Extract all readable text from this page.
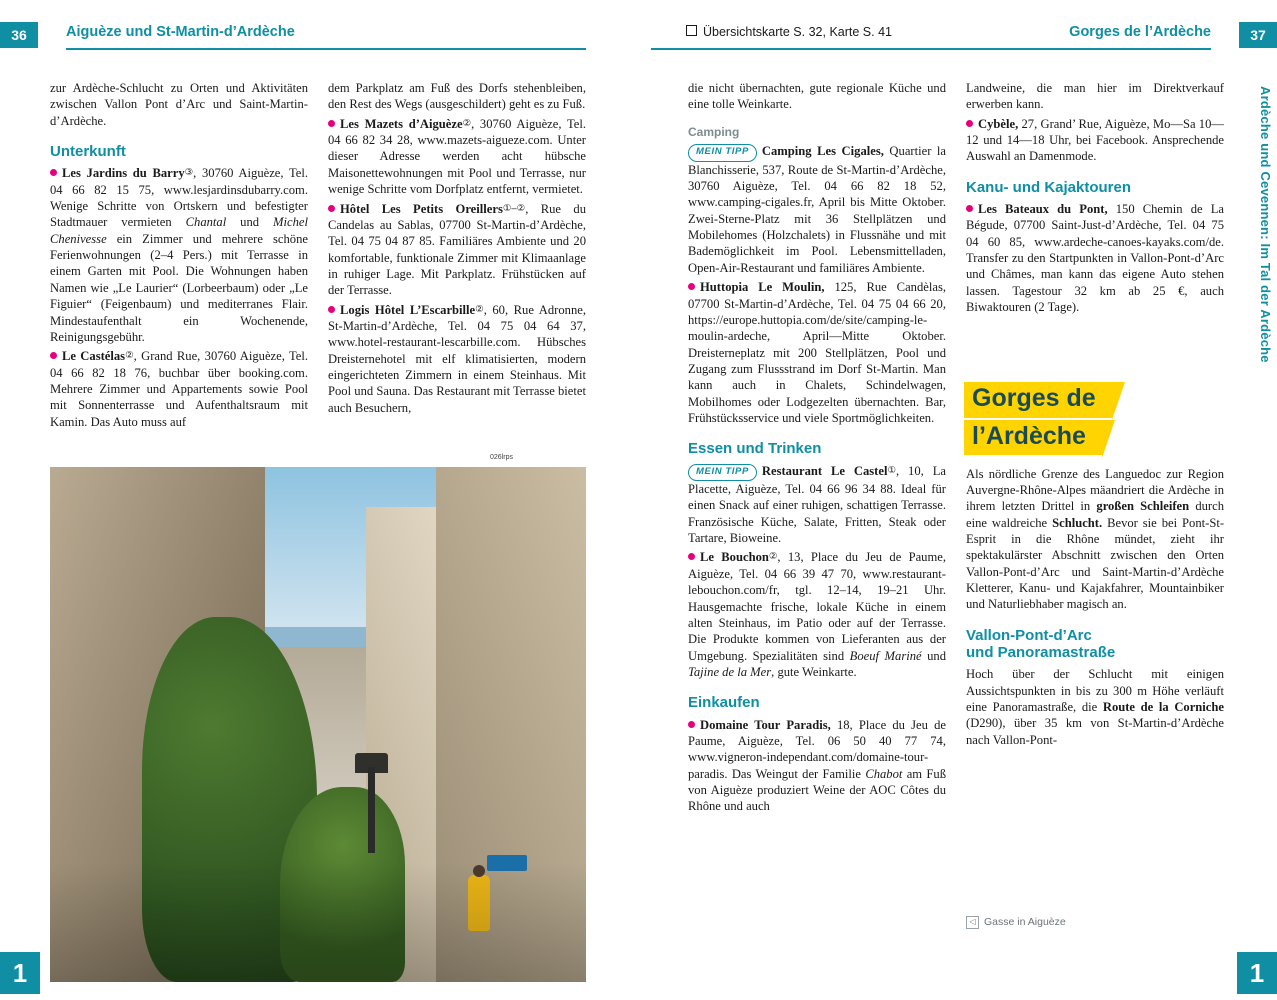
36	37
Aiguèze und St-Martin-d’Ardèche	Übersichtskarte S. 32, Karte S. 41	Gorges de l’Ardèche
Ardèche und Cevennen: Im Tal der Ardèche

zur Ardèche-Schlucht zu Orten und Aktivitäten zwischen Vallon Pont d’Arc und Saint-Martin-d’Ardèche.

Unterkunft

Les Jardins du Barry③, 30760 Aiguèze, Tel. 04 66 82 15 75, www.lesjardinsdubarry.com. Wenige Schritte von Ortskern und befestigter Stadtmauer vermieten Chantal und Michel Chenivesse ein Zimmer und mehrere schöne Ferienwohnungen (2–4 Pers.) mit Terrasse in einem Garten mit Pool. Die Wohnungen haben Namen wie „Le Laurier“ (Lorbeerbaum) oder „Le Figuier“ (Feigenbaum) und mediterranes Flair. Mindestaufenthalt ein Wochenende, Reinigungsgebühr.

Le Castélas②, Grand Rue, 30760 Aiguèze, Tel. 04 66 82 18 76, buchbar über booking.com. Mehrere Zimmer und Appartements sowie Pool mit Sonnenterrasse und Aufenthaltsraum mit Kamin. Das Auto muss auf

dem Parkplatz am Fuß des Dorfs stehenbleiben, den Rest des Wegs (ausgeschildert) geht es zu Fuß.

Les Mazets d’Aiguèze②, 30760 Aiguèze, Tel. 04 66 82 34 28, www.mazets-aigueze.com. Unter dieser Adresse werden acht hübsche Maisonettewohnungen mit Pool und Terrasse, nur wenige Schritte vom Dorfplatz entfernt, vermietet.

Hôtel Les Petits Oreillers①–②, Rue du Candelas au Sablas, 07700 St-Martin-d’Ardèche, Tel. 04 75 04 87 85. Familiäres Ambiente und 20 komfortable, funktionale Zimmer mit Klimaanlage in ruhiger Lage. Mit Parkplatz. Frühstücken auf der Terrasse.

Logis Hôtel L’Escarbille②, 60, Rue Adronne, St-Martin-d’Ardèche, Tel. 04 75 04 64 37, www.hotel-restaurant-lescarbille.com. Hübsches Dreisternehotel mit elf klimatisierten, modern eingerichteten Zimmern in einem Steinhaus. Mit Pool und Sauna. Das Restaurant mit Terrasse bietet auch Besuchern,

die nicht übernachten, gute regionale Küche und eine tolle Weinkarte.

Camping

MEIN TIPP Camping Les Cigales, Quartier la Blanchisserie, 537, Route de St-Martin-d’Ardèche, 30760 Aiguèze, Tel. 04 66 82 18 52, www.camping-cigales.fr, April bis Mitte Oktober. Zwei-Sterne-Platz mit 36 Stellplätzen und Mobilehomes (Holzchalets) in Flussnähe und mit Bademöglichkeit im Pool. Lebensmittelladen, Open-Air-Restaurant und familiäres Ambiente.

Huttopia Le Moulin, 125, Rue Candèlas, 07700 St-Martin-d’Ardèche, Tel. 04 75 04 66 20, https://europe.huttopia.com/de/site/camping-le-moulin-ardeche, April—Mitte Oktober. Dreisterneplatz mit 200 Stellplätzen, Pool und Zugang zum Flussstrand im Dorf St-Martin. Man kann auch in Chalets, Schindelwagen, Mobilhomes oder Lodgezelten übernachten. Bar, Frühstücksservice und viele Sportmöglichkeiten.

Essen und Trinken

MEIN TIPP Restaurant Le Castel①, 10, La Placette, Aiguèze, Tel. 04 66 96 34 88. Ideal für einen Snack auf einer ruhigen, schattigen Terrasse. Französische Küche, Salate, Fritten, Steak oder Tartare, Bioweine.

Le Bouchon②, 13, Place du Jeu de Paume, Aiguèze, Tel. 04 66 39 47 70, www.restaurant-lebouchon.com/fr, tgl. 12–14, 19–21 Uhr. Hausgemachte frische, lokale Küche in einem alten Steinhaus, im Patio oder auf der Terrasse. Die Produkte kommen von Lieferanten aus der Umgebung. Spezialitäten sind Boeuf Mariné und Tajine de la Mer, gute Weinkarte.

Einkaufen

Domaine Tour Paradis, 18, Place du Jeu de Paume, Aiguèze, Tel. 06 50 40 77 74, www.vigneron-independant.com/domaine-tour-paradis. Das Weingut der Familie Chabot am Fuß von Aiguèze produziert Weine der AOC Côtes du Rhône und auch

Landweine, die man hier im Direktverkauf erwerben kann.

Cybèle, 27, Grand’ Rue, Aiguèze, Mo—Sa 10—12 und 14—18 Uhr, bei Facebook. Ansprechende Auswahl an Damenmode.

Kanu- und Kajaktouren

Les Bateaux du Pont, 150 Chemin de La Bégude, 07700 Saint-Just-d’Ardèche, Tel. 04 75 04 60 85, www.ardeche-canoes-kayaks.com/de. Transfer zu den Startpunkten in Vallon-Pont-d’Arc und Châmes, man kann das eigene Auto stehen lassen. Tagestour 32 km ab 25 €, auch Biwaktouren (2 Tage).

Als nördliche Grenze des Languedoc zur Region Auvergne-Rhône-Alpes mäandriert die Ardèche in ihrem letzten Drittel in großen Schleifen durch eine waldreiche Schlucht. Bevor sie bei Pont-St-Esprit in die Rhône mündet, zieht ihr spektakulärster Abschnitt zwischen den Orten Vallon-Pont-d’Arc und Saint-Martin-d’Ardèche Kletterer, Kanu- und Kajakfahrer, Mountainbiker und Naturliebhaber magisch an.

Vallon-Pont-d’Arc
und Panoramastraße

Hoch über der Schlucht mit einigen Aussichtspunkten in bis zu 300 m Höhe verläuft eine Panoramastraße, die Route de la Corniche (D290), über 35 km von St-Martin-d’Ardèche nach Vallon-Pont-

Gorges de
l’Ardèche
026lrps
◁ Gasse in Aiguèze
1	1
